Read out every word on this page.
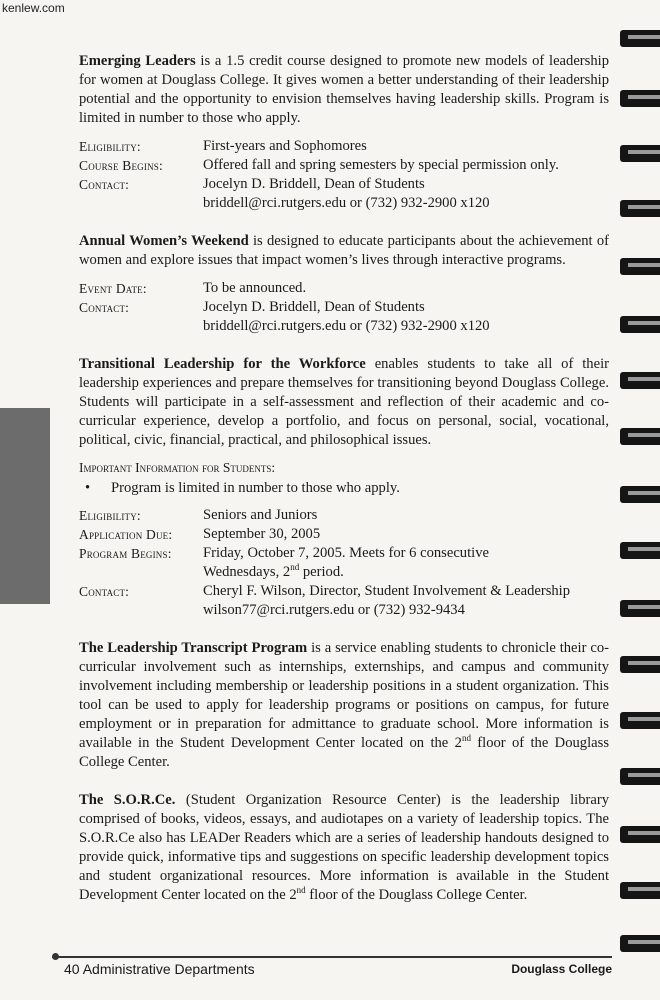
kenlew.com

Emerging Leaders is a 1.5 credit course designed to promote new models of leadership for women at Douglass College. It gives women a better understanding of their leadership potential and the opportunity to envision themselves having leadership skills. Program is limited in number to those who apply.

Eligibility:	First-years and Sophomores
Course Begins:	Offered fall and spring semesters by special permission only.
Contact:	Jocelyn D. Briddell, Dean of Students
briddell@rci.rutgers.edu or (732) 932-2900 x120

Annual Women’s Weekend is designed to educate participants about the achievement of women and explore issues that impact women’s lives through interactive programs.

Event Date:	To be announced.
Contact:	Jocelyn D. Briddell, Dean of Students
briddell@rci.rutgers.edu or (732) 932-2900 x120

Transitional Leadership for the Workforce enables students to take all of their leadership experiences and prepare themselves for transitioning beyond Douglass College. Students will participate in a self-assessment and reflection of their academic and co-curricular experience, develop a portfolio, and focus on personal, social, vocational, political, civic, financial, practical, and philosophical issues.

Important Information for Students:
•	Program is limited in number to those who apply.
Eligibility:	Seniors and Juniors
Application Due:	September 30, 2005
Program Begins:	Friday, October 7, 2005. Meets for 6 consecutive
Wednesdays, 2nd period.
Contact:	Cheryl F. Wilson, Director, Student Involvement & Leadership
wilson77@rci.rutgers.edu or (732) 932-9434

The Leadership Transcript Program is a service enabling students to chronicle their co-curricular involvement such as internships, externships, and campus and community involvement including membership or leadership positions in a student organization. This tool can be used to apply for leadership programs or positions on campus, for future employment or in preparation for admittance to graduate school. More information is available in the Student Development Center located on the 2nd floor of the Douglass College Center.

The S.O.R.Ce. (Student Organization Resource Center) is the leadership library comprised of books, videos, essays, and audiotapes on a variety of leadership topics. The S.O.R.Ce also has LEADer Readers which are a series of leadership handouts designed to provide quick, informative tips and suggestions on specific leadership development topics and student organizational resources. More information is available in the Student Development Center located on the 2nd floor of the Douglass College Center.

40 Administrative Departments	Douglass College
